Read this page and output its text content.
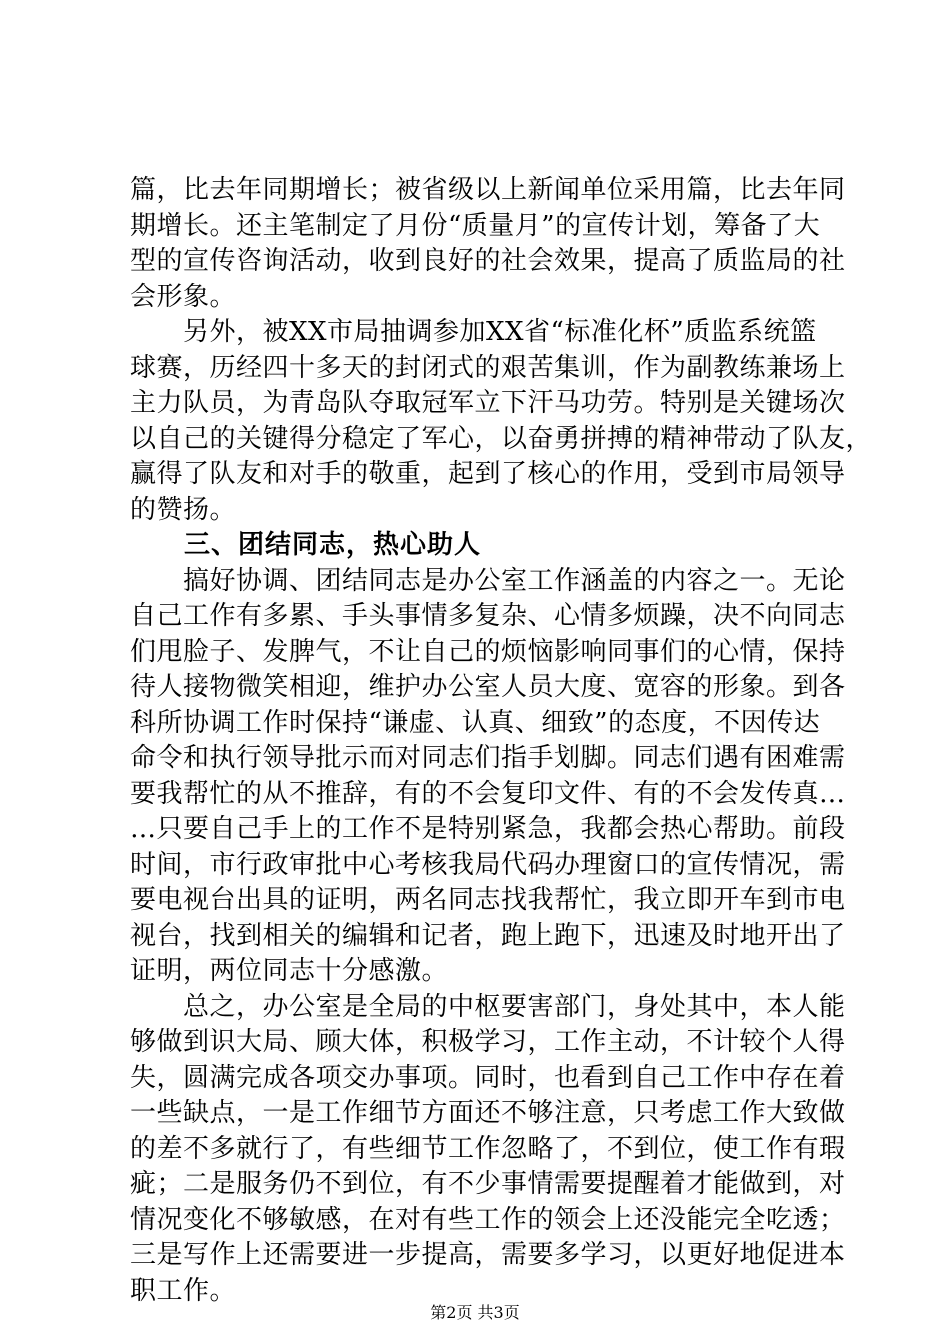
篇，比去年同期增长；被省级以上新闻单位采用篇，比去年同
期增长。还主笔制定了月份“质量月”的宣传计划，筹备了大
型的宣传咨询活动，收到良好的社会效果，提高了质监局的社
会形象。
　　另外，被XX市局抽调参加XX省“标准化杯”质监系统篮
球赛，历经四十多天的封闭式的艰苦集训，作为副教练兼场上
主力队员，为青岛队夺取冠军立下汗马功劳。特别是关键场次
以自己的关键得分稳定了军心，以奋勇拼搏的精神带动了队友，
赢得了队友和对手的敬重，起到了核心的作用，受到市局领导
的赞扬。
　　三、团结同志，热心助人
　　搞好协调、团结同志是办公室工作涵盖的内容之一。无论
自己工作有多累、手头事情多复杂、心情多烦躁，决不向同志
们甩脸子、发脾气，不让自己的烦恼影响同事们的心情，保持
待人接物微笑相迎，维护办公室人员大度、宽容的形象。到各
科所协调工作时保持“谦虚、认真、细致”的态度，不因传达
命令和执行领导批示而对同志们指手划脚。同志们遇有困难需
要我帮忙的从不推辞，有的不会复印文件、有的不会发传真…
…只要自己手上的工作不是特别紧急，我都会热心帮助。前段
时间，市行政审批中心考核我局代码办理窗口的宣传情况，需
要电视台出具的证明，两名同志找我帮忙，我立即开车到市电
视台，找到相关的编辑和记者，跑上跑下，迅速及时地开出了
证明，两位同志十分感激。
　　总之，办公室是全局的中枢要害部门，身处其中，本人能
够做到识大局、顾大体，积极学习，工作主动，不计较个人得
失，圆满完成各项交办事项。同时，也看到自己工作中存在着
一些缺点，一是工作细节方面还不够注意，只考虑工作大致做
的差不多就行了，有些细节工作忽略了，不到位，使工作有瑕
疵；二是服务仍不到位，有不少事情需要提醒着才能做到，对
第2页 共3页
情况变化不够敏感，在对有些工作的领会上还没能完全吃透；
三是写作上还需要进一步提高，需要多学习，以更好地促进本
职工作。
